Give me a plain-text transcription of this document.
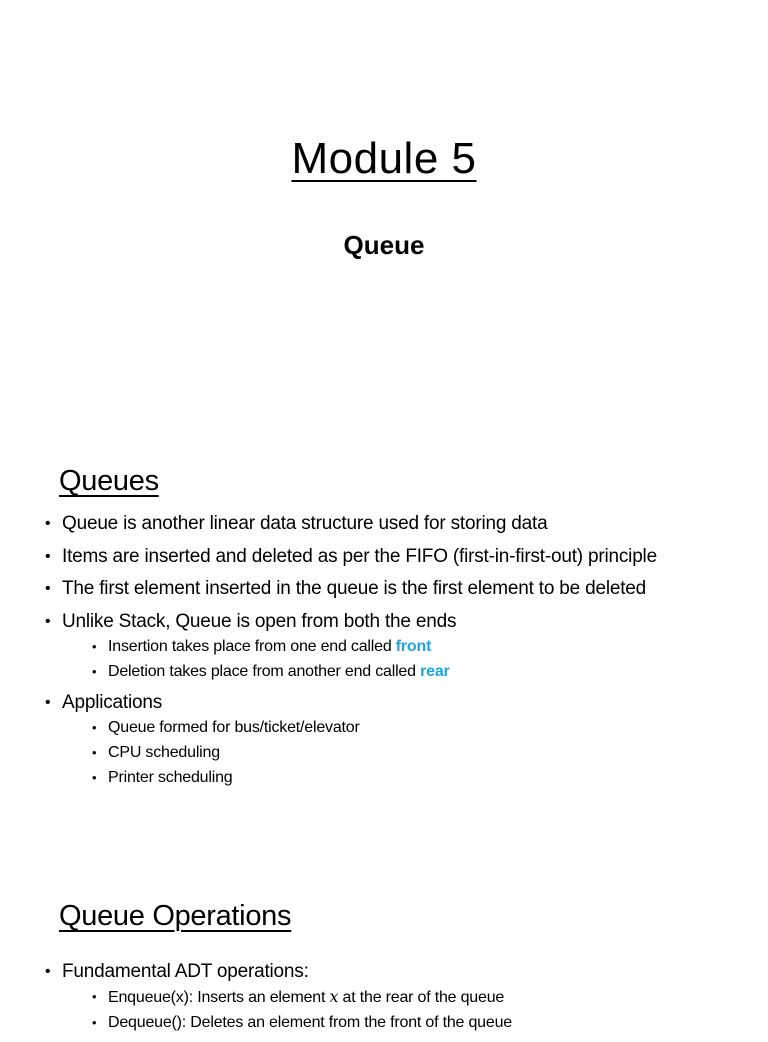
Module 5
Queue
Queues
• Queue is another linear data structure used for storing data
• Items are inserted and deleted as per the FIFO (first-in-first-out) principle
• The first element inserted in the queue is the first element to be deleted
• Unlike Stack, Queue is open from both the ends
• Insertion takes place from one end called front
• Deletion takes place from another end called rear
• Applications
• Queue formed for bus/ticket/elevator
• CPU scheduling
• Printer scheduling
Queue Operations
• Fundamental ADT operations:
• Enqueue(x): Inserts an element x at the rear of the queue
• Dequeue(): Deletes an element from the front of the queue
